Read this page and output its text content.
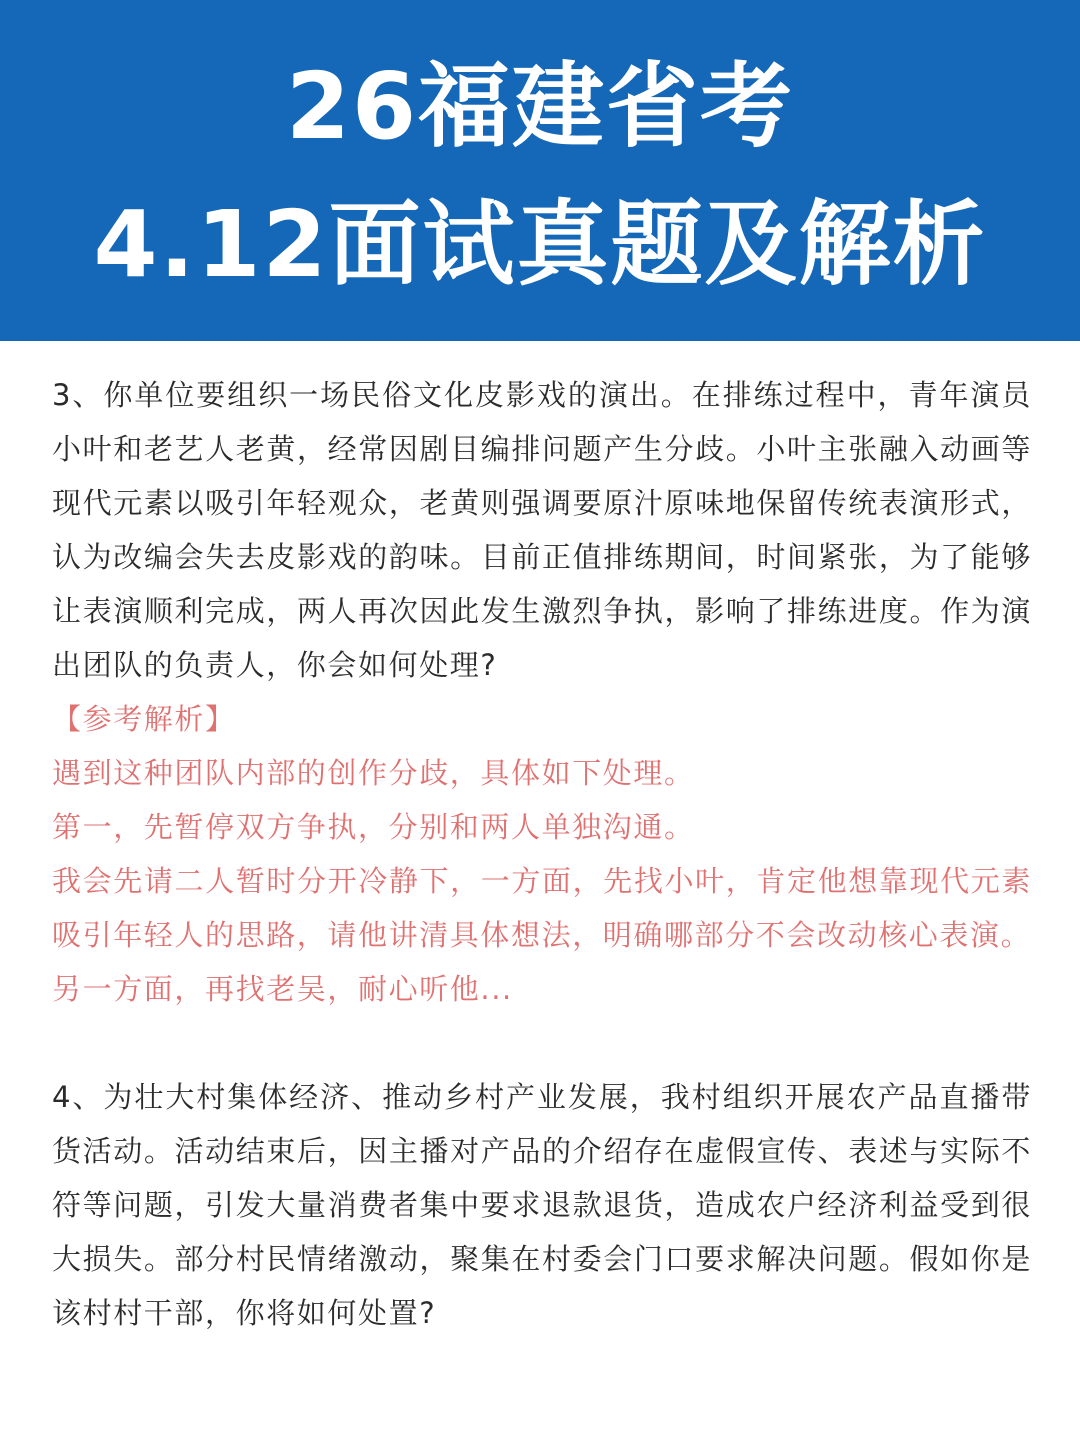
26福建省考
4.12面试真题及解析

3、你单位要组织一场民俗文化皮影戏的演出。在排练过程中，青年演员小叶和老艺人老黄，经常因剧目编排问题产生分歧。小叶主张融入动画等现代元素以吸引年轻观众，老黄则强调要原汁原味地保留传统表演形式，认为改编会失去皮影戏的韵味。目前正值排练期间，时间紧张，为了能够让表演顺利完成，两人再次因此发生激烈争执，影响了排练进度。作为演出团队的负责人，你会如何处理?

【参考解析】

遇到这种团队内部的创作分歧，具体如下处理。

第一，先暂停双方争执，分别和两人单独沟通。

我会先请二人暂时分开冷静下，一方面，先找小叶，肯定他想靠现代元素吸引年轻人的思路，请他讲清具体想法，明确哪部分不会改动核心表演。

另一方面，再找老吴，耐心听他...

4、为壮大村集体经济、推动乡村产业发展，我村组织开展农产品直播带货活动。活动结束后，因主播对产品的介绍存在虚假宣传、表述与实际不符等问题，引发大量消费者集中要求退款退货，造成农户经济利益受到很大损失。部分村民情绪激动，聚集在村委会门口要求解决问题。假如你是该村村干部，你将如何处置?
